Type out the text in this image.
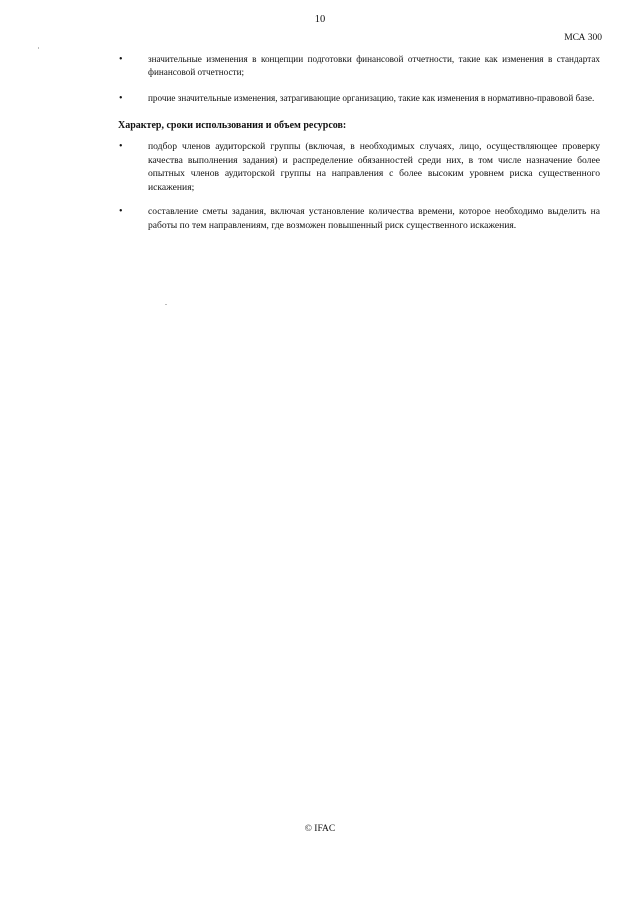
10
МСА 300
•	значительные изменения в концепции подготовки финансовой отчетности, такие как изменения в стандартах финансовой отчетности;
•	прочие значительные изменения, затрагивающие организацию, такие как изменения в нормативно-правовой базе.
Характер, сроки использования и объем ресурсов:
•	подбор членов аудиторской группы (включая, в необходимых случаях, лицо, осуществляющее проверку качества выполнения задания) и распределение обязанностей среди них, в том числе назначение более опытных членов аудиторской группы на направления с более высоким уровнем риска существенного искажения;
•	составление сметы задания, включая установление количества времени, которое необходимо выделить на работы по тем направлениям, где возможен повышенный риск существенного искажения.
© IFAC
